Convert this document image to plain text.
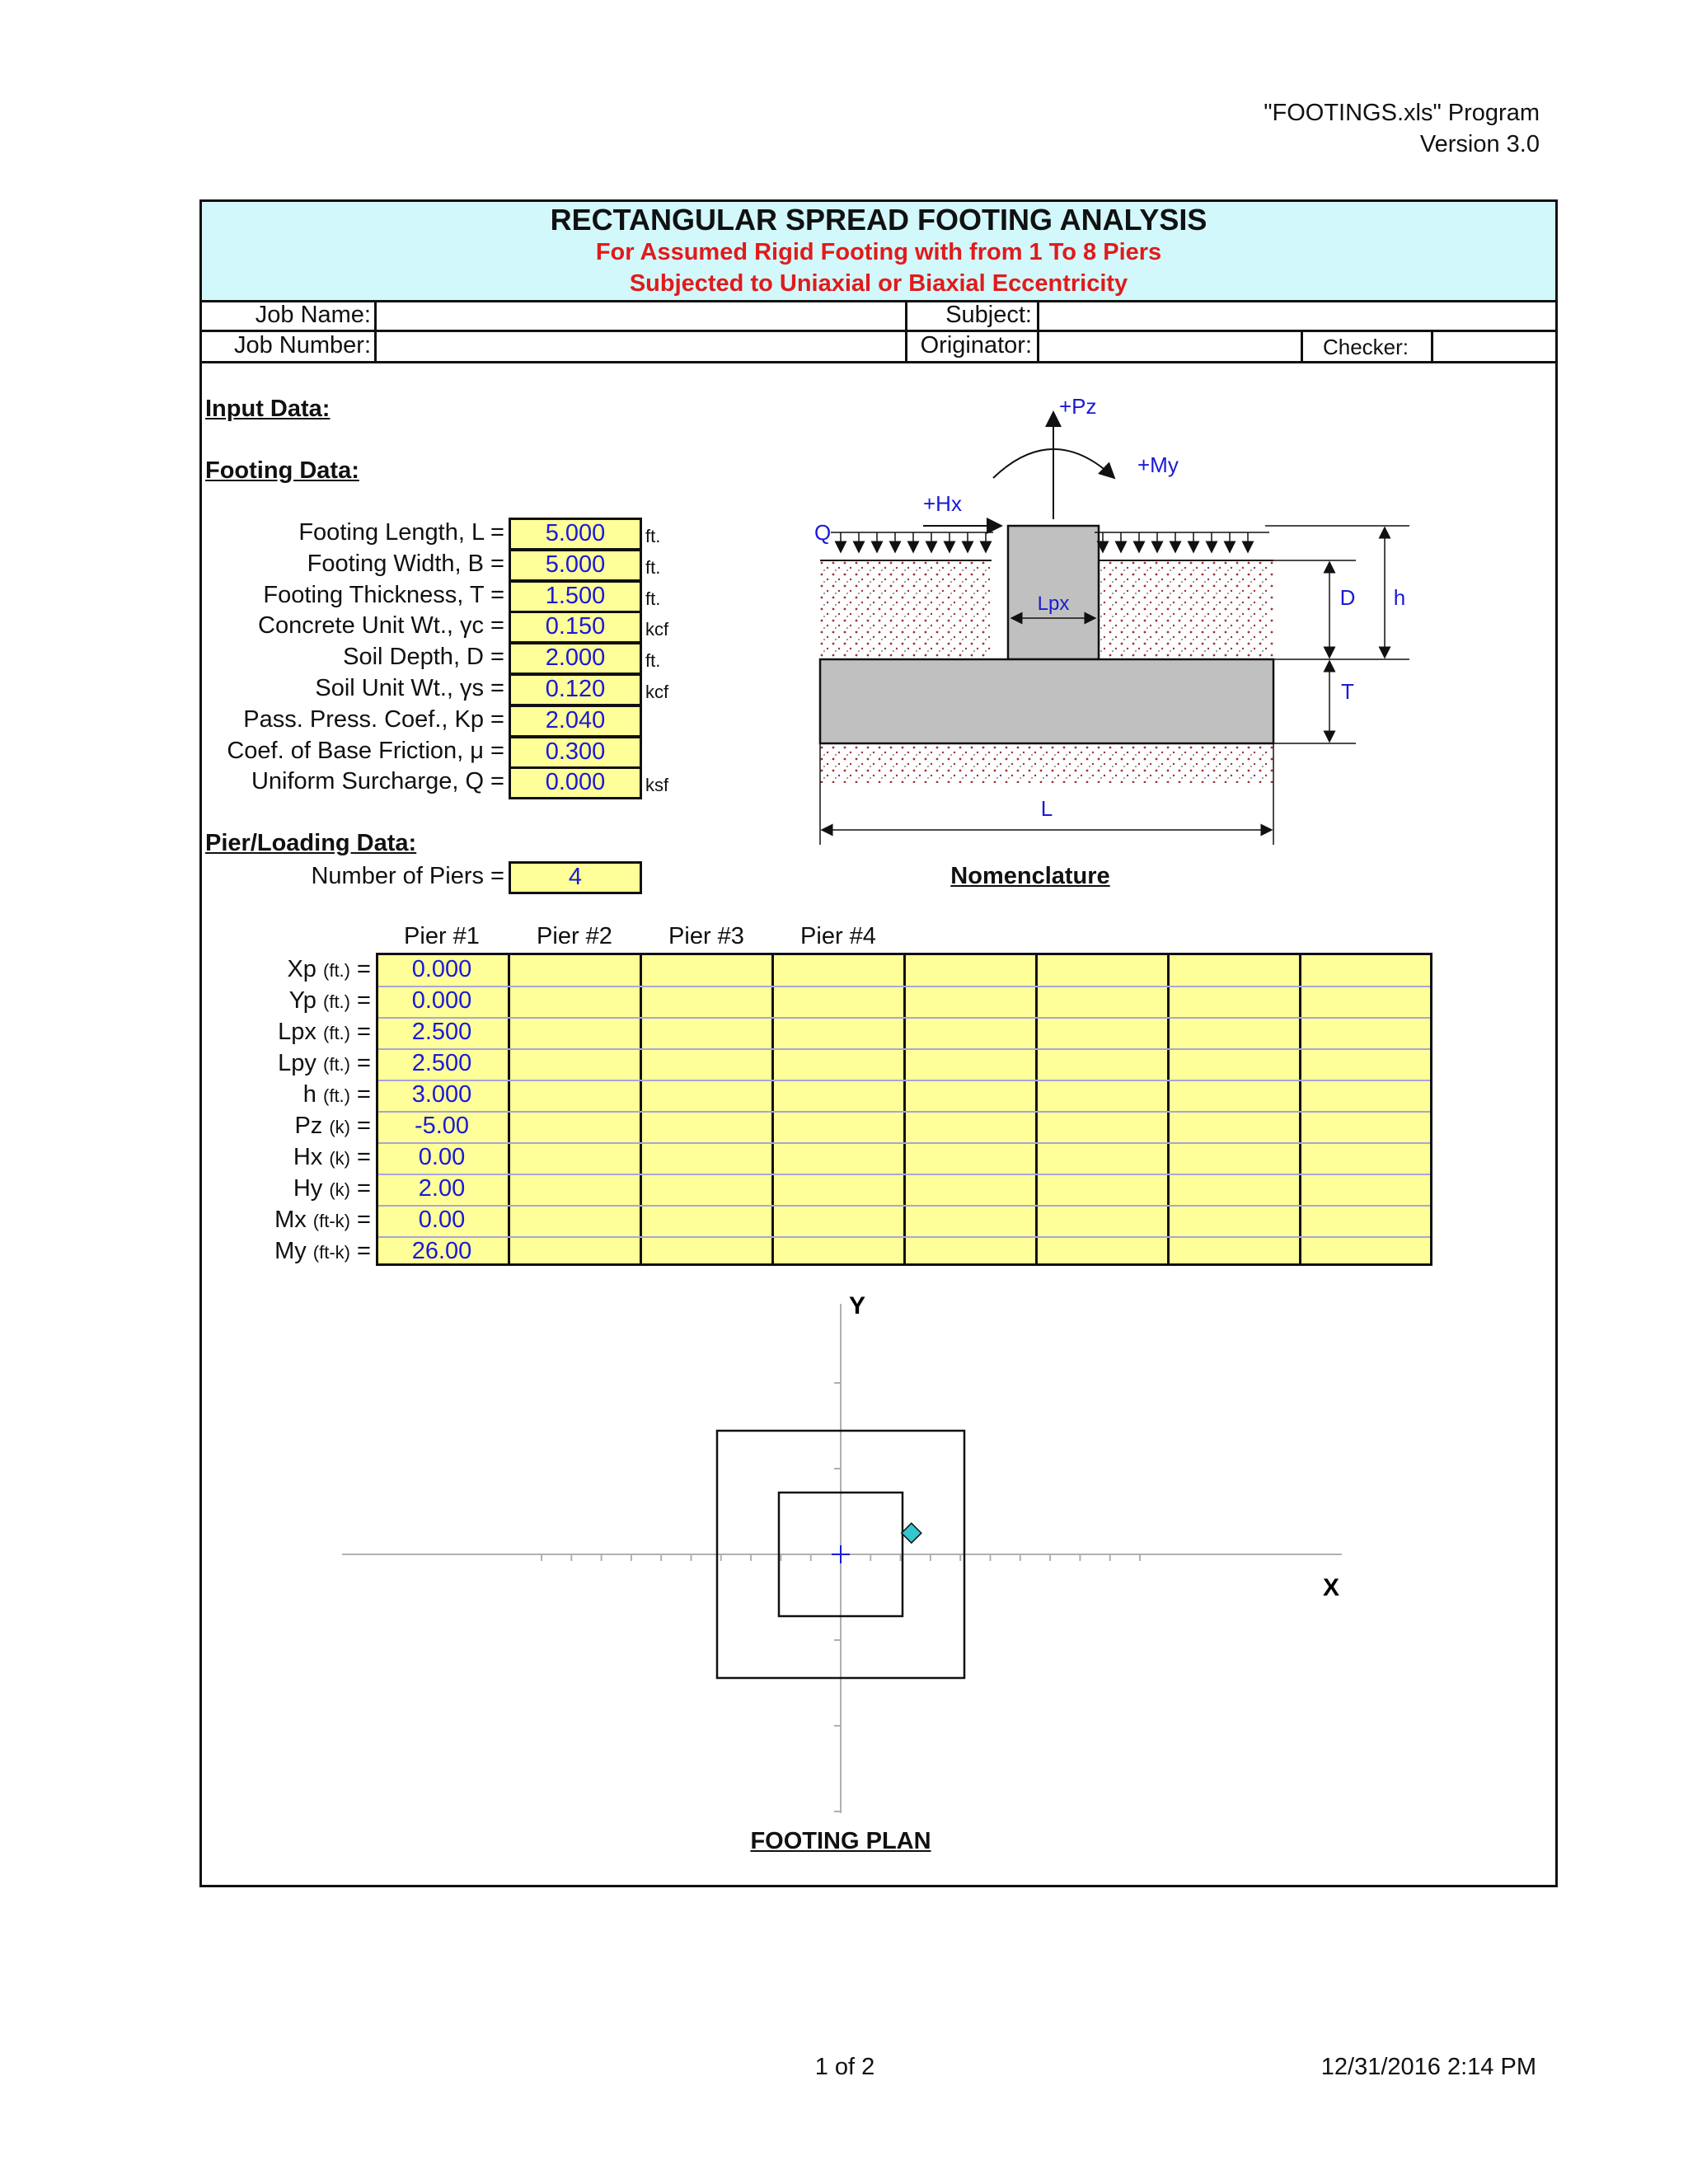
"FOOTINGS.xls" Program
Version 3.0
RECTANGULAR SPREAD FOOTING ANALYSIS
For Assumed Rigid Footing with from 1 To 8 Piers
Subjected to Uniaxial or Biaxial Eccentricity
Job Name:	Subject:
Job Number:	Originator:	Checker:
Input Data:
Footing Data:
Pier/Loading Data:
Footing Length, L =	5.000	ft.
Footing Width, B =	5.000	ft.
Footing Thickness, T =	1.500	ft.
Concrete Unit Wt., γc =	0.150	kcf
Soil Depth, D =	2.000	ft.
Soil Unit Wt., γs =	0.120	kcf
Pass. Press. Coef., Kp =	2.040
Coef. of Base Friction, μ =	0.300
Uniform Surcharge, Q =	0.000	ksf
Number of Piers =	4
+Pz
+My
+Hx
Q
Lpx	D h
T
L
Nomenclature
Pier #1	Pier #2	Pier #3	Pier #4
Xp (ft.) =	0.000
Yp (ft.) =	0.000
Lpx (ft.) =	2.500
Lpy (ft.) =	2.500
h (ft.) =	3.000
Pz (k) =	-5.00
Hx (k) =	0.00
Hy (k) =	2.00
Mx (ft-k) =	0.00
My (ft-k) =	26.00
Y
X
FOOTING PLAN
1 of 2	12/31/2016 2:14 PM
